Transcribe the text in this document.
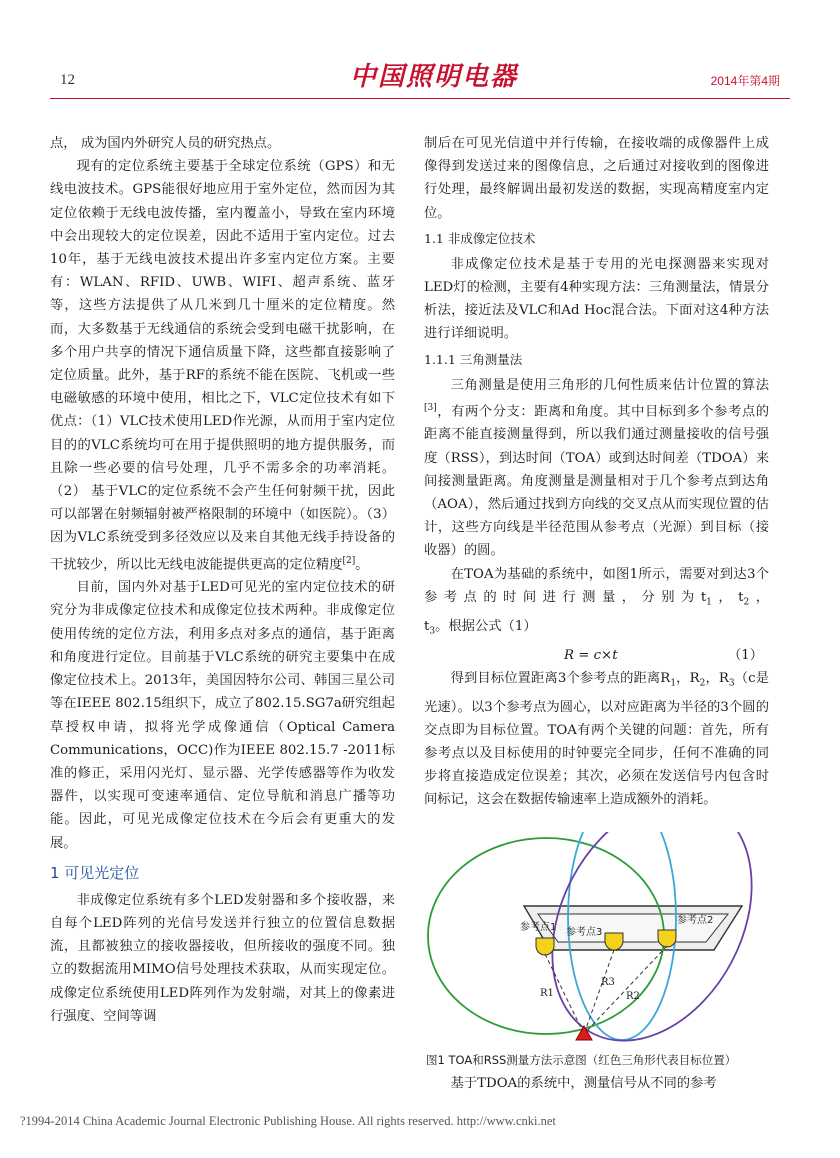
12	中国照明电器	2014年第4期

点， 成为国内外研究人员的研究热点。

现有的定位系统主要基于全球定位系统（GPS）和无线电波技术。GPS能很好地应用于室外定位，然而因为其定位依赖于无线电波传播，室内覆盖小，导致在室内环境中会出现较大的定位误差，因此不适用于室内定位。过去10年，基于无线电波技术提出许多室内定位方案。主要有：WLAN、RFID、UWB、WIFI、超声系统、蓝牙等，这些方法提供了从几米到几十厘米的定位精度。然而，大多数基于无线通信的系统会受到电磁干扰影响，在多个用户共享的情况下通信质量下降，这些都直接影响了定位质量。此外，基于RF的系统不能在医院、飞机或一些电磁敏感的环境中使用，相比之下，VLC定位技术有如下优点：（1）VLC技术使用LED作光源，从而用于室内定位目的的VLC系统均可在用于提供照明的地方提供服务，而且除一些必要的信号处理，几乎不需多余的功率消耗。（2） 基于VLC的定位系统不会产生任何射频干扰，因此可以部署在射频辐射被严格限制的环境中（如医院）。（3）因为VLC系统受到多径效应以及来自其他无线手持设备的干扰较少，所以比无线电波能提供更高的定位精度[2]。

目前，国内外对基于LED可见光的室内定位技术的研究分为非成像定位技术和成像定位技术两种。非成像定位使用传统的定位方法，利用多点对多点的通信，基于距离和角度进行定位。目前基于VLC系统的研究主要集中在成像定位技术上。2013年，美国因特尔公司、韩国三星公司等在IEEE 802.15组织下，成立了802.15.SG7a研究组起草授权申请，拟将光学成像通信（Optical Camera Communications，OCC)作为IEEE 802.15.7 -2011标准的修正，采用闪光灯、显示器、光学传感器等作为收发器件，以实现可变速率通信、定位导航和消息广播等功能。因此，可见光成像定位技术在今后会有更重大的发展。

1 可见光定位

非成像定位系统有多个LED发射器和多个接收器，来自每个LED阵列的光信号发送并行独立的位置信息数据流，且都被独立的接收器接收，但所接收的强度不同。独立的数据流用MIMO信号处理技术获取，从而实现定位。成像定位系统使用LED阵列作为发射端，对其上的像素进行强度、空间等调

制后在可见光信道中并行传输，在接收端的成像器件上成像得到发送过来的图像信息，之后通过对接收到的图像进行处理，最终解调出最初发送的数据，实现高精度室内定位。

1.1 非成像定位技术

非成像定位技术是基于专用的光电探测器来实现对LED灯的检测，主要有4种实现方法：三角测量法，情景分析法，接近法及VLC和Ad Hoc混合法。下面对这4种方法进行详细说明。

1.1.1 三角测量法

三角测量是使用三角形的几何性质来估计位置的算法[3]，有两个分支：距离和角度。其中目标到多个参考点的距离不能直接测量得到，所以我们通过测量接收的信号强度（RSS），到达时间（TOA）或到达时间差（TDOA）来间接测量距离。角度测量是测量相对于几个参考点到达角（AOA），然后通过找到方向线的交叉点从而实现位置的估计，这些方向线是半径范围从参考点（光源）到目标（接收器）的圆。

在TOA为基础的系统中，如图1所示，需要对到达3个参考点的时间进行测量，分别为$t_1$，$t_2$，$t_3$。根据公式（1）

R = c×t	（1）

得到目标位置距离3个参考点的距离$R_1$，$R_2$，$R_3(c$是光速）。以3个参考点为圆心，以对应距离为半径的3个圆的交点即为目标位置。TOA有两个关键的问题：首先，所有参考点以及目标使用的时钟要完全同步，任何不准确的同步将直接造成定位误差；其次，必须在发送信号内包含时间标记，这会在数据传输速率上造成额外的消耗。

参考点1 参考点3
参考点2
R1
R3
R2
图1 TOA和RSS测量方法示意图（红色三角形代表目标位置）
基于TDOA的系统中，测量信号从不同的参考
?1994-2014 China Academic Journal Electronic Publishing House. All rights reserved. http://www.cnki.net
